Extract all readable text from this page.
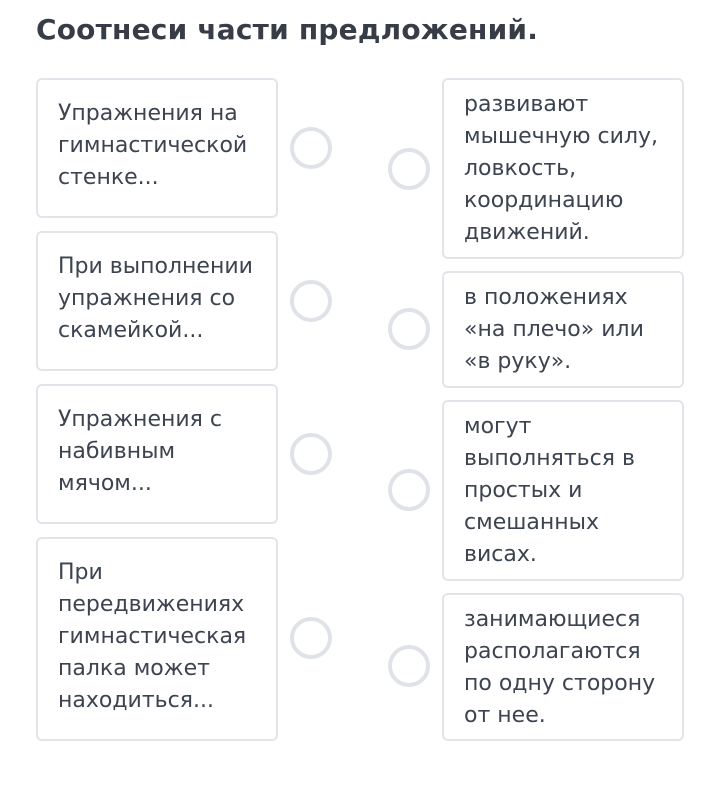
Соотнеси части предложений.
Упражнения на
гимнастической
стенке...
При выполнении
упражнения со
скамейкой...
Упражнения с
набивным
мячом...
При
передвижениях
гимнастическая
палка может
находиться...
развивают
мышечную силу,
ловкость,
координацию
движений.
в положениях
«на плечо» или
«в руку».
могут
выполняться в
простых и
смешанных
висах.
занимающиеся
располагаются
по одну сторону
от нее.
